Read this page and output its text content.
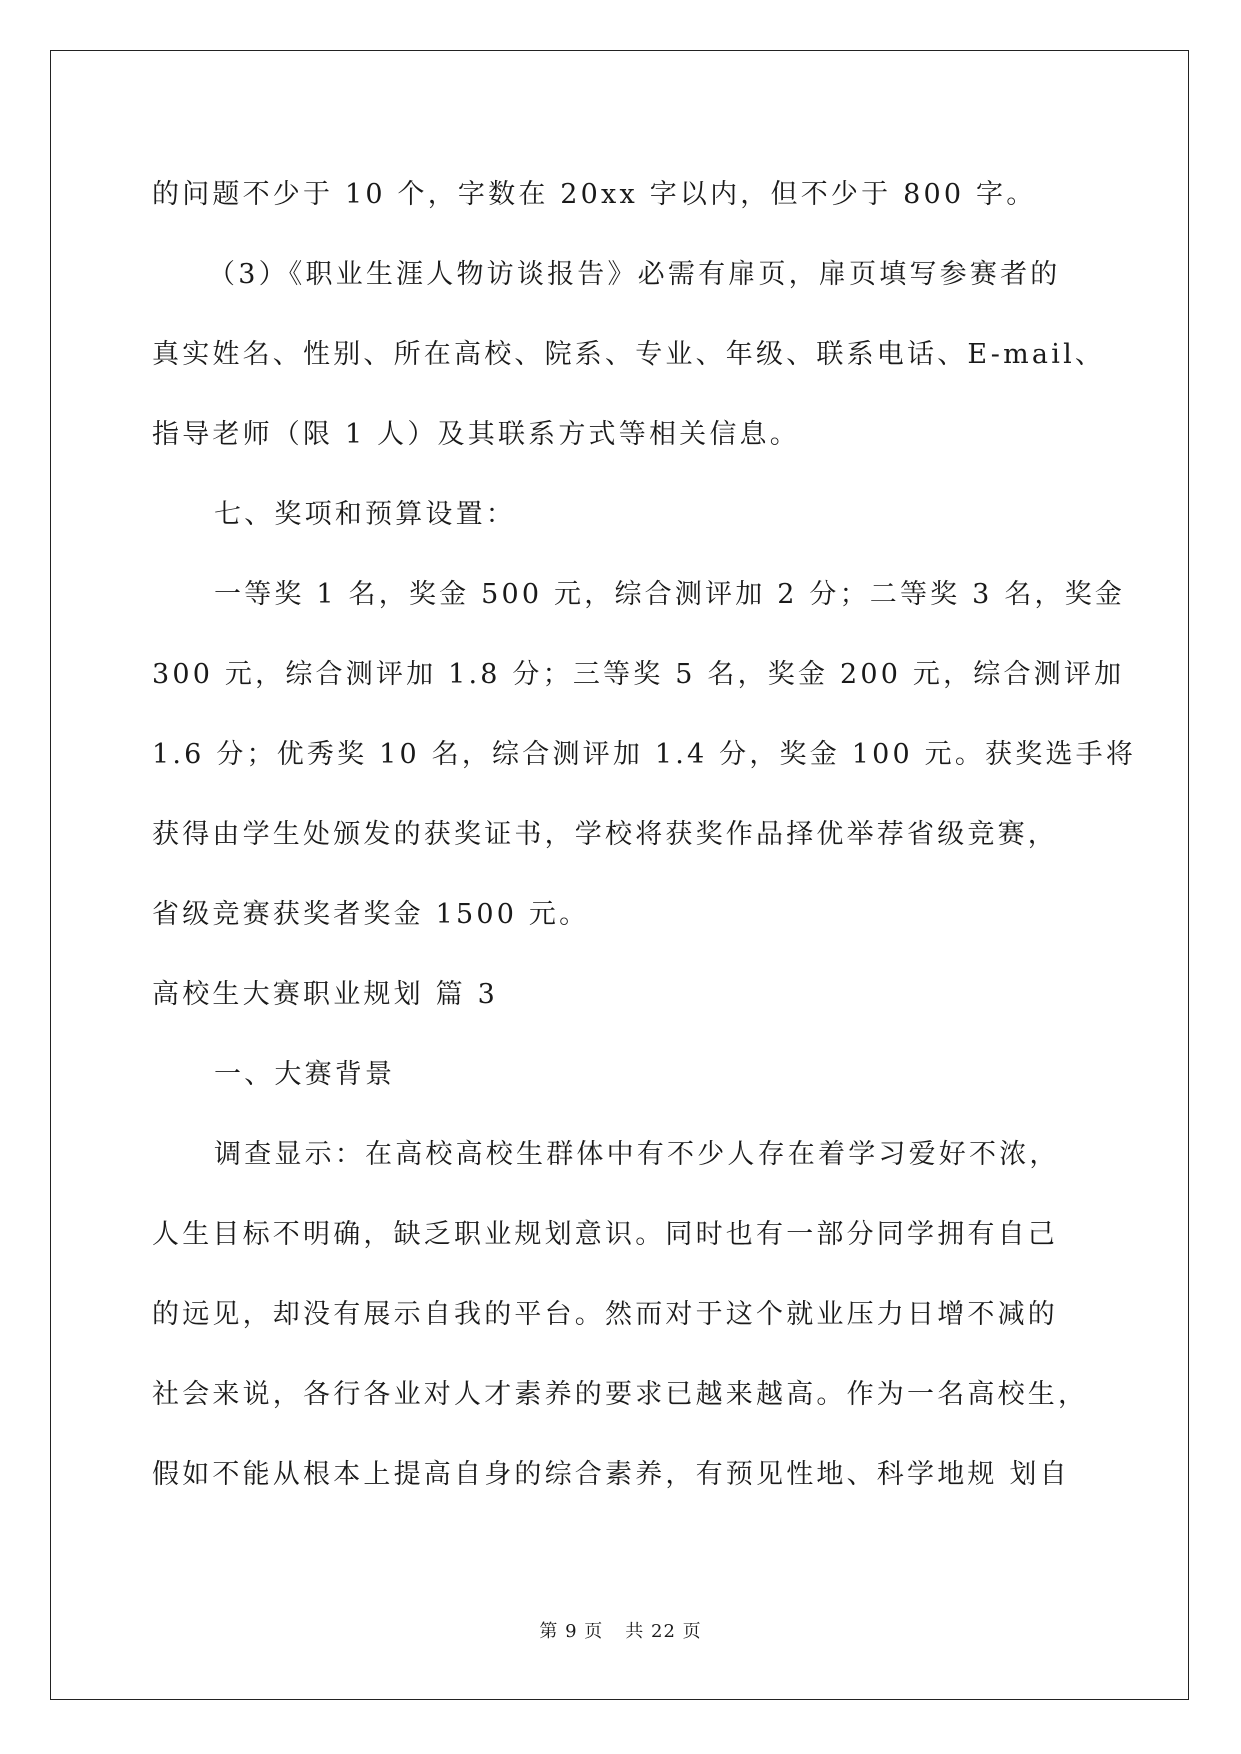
的问题不少于 10 个，字数在 20xx 字以内，但不少于 800 字。
（3）《职业生涯人物访谈报告》必需有扉页，扉页填写参赛者的
真实姓名、性别、所在高校、院系、专业、年级、联系电话、E-mail、
指导老师（限 1 人）及其联系方式等相关信息。
七、奖项和预算设置：
一等奖 1 名，奖金 500 元，综合测评加 2 分；二等奖 3 名，奖金
300 元，综合测评加 1.8 分；三等奖 5 名，奖金 200 元，综合测评加
1.6 分；优秀奖 10 名，综合测评加 1.4 分，奖金 100 元。获奖选手将
获得由学生处颁发的获奖证书，学校将获奖作品择优举荐省级竞赛，
省级竞赛获奖者奖金 1500 元。
高校生大赛职业规划 篇 3
一、大赛背景
调查显示：在高校高校生群体中有不少人存在着学习爱好不浓，
人生目标不明确，缺乏职业规划意识。同时也有一部分同学拥有自己
的远见，却没有展示自我的平台。然而对于这个就业压力日增不减的
社会来说，各行各业对人才素养的要求已越来越高。作为一名高校生，
假如不能从根本上提高自身的综合素养，有预见性地、科学地规 划自
第 9 页 共 22 页
